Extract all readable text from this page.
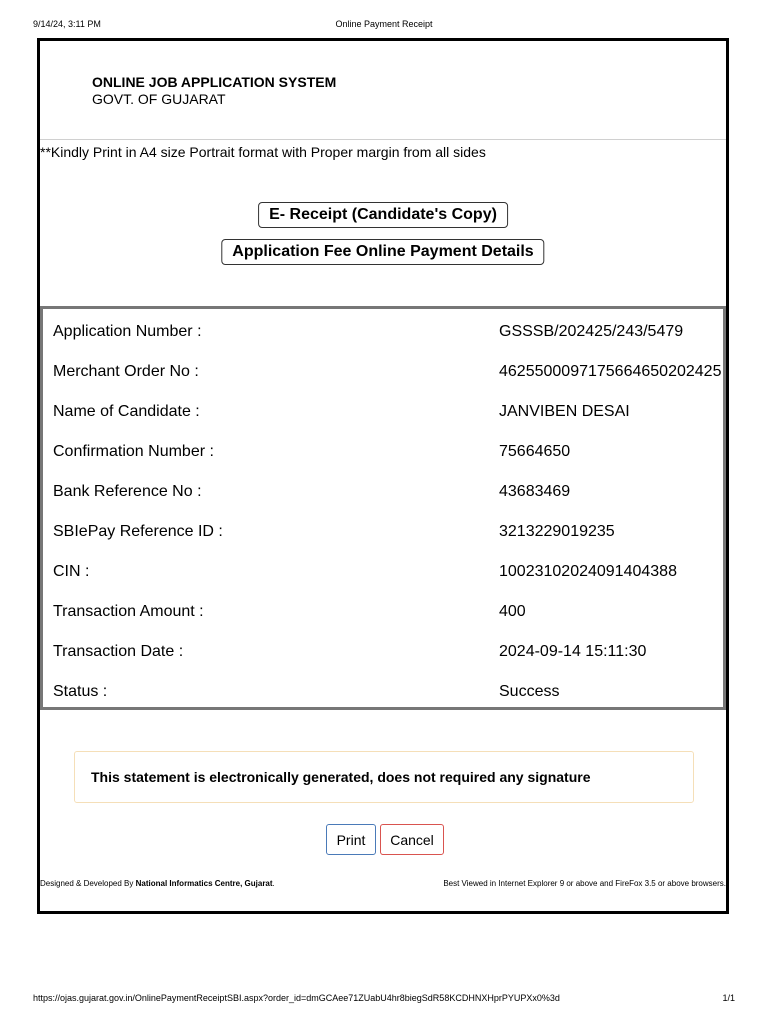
9/14/24, 3:11 PM	Online Payment Receipt
ONLINE JOB APPLICATION SYSTEM
GOVT. OF GUJARAT
**Kindly Print in A4 size Portrait format with Proper margin from all sides
E- Receipt (Candidate's Copy)
Application Fee Online Payment Details
Application Number :	GSSSB/202425/243/5479
Merchant Order No :	4625500097175664650202425
Name of Candidate :	JANVIBEN DESAI
Confirmation Number :	75664650
Bank Reference No :	43683469
SBIePay Reference ID :	3213229019235
CIN :	10023102024091404388
Transaction Amount :	400
Transaction Date :	2024-09-14 15:11:30
Status :	Success
This statement is electronically generated, does not required any signature
Print	Cancel
Designed & Developed By National Informatics Centre, Gujarat.	Best Viewed in Internet Explorer 9 or above and FireFox 3.5 or above browsers.
https://ojas.gujarat.gov.in/OnlinePaymentReceiptSBI.aspx?order_id=dmGCAee71ZUabU4hr8biegSdR58KCDHNXHprPYUPXx0%3d	1/1
